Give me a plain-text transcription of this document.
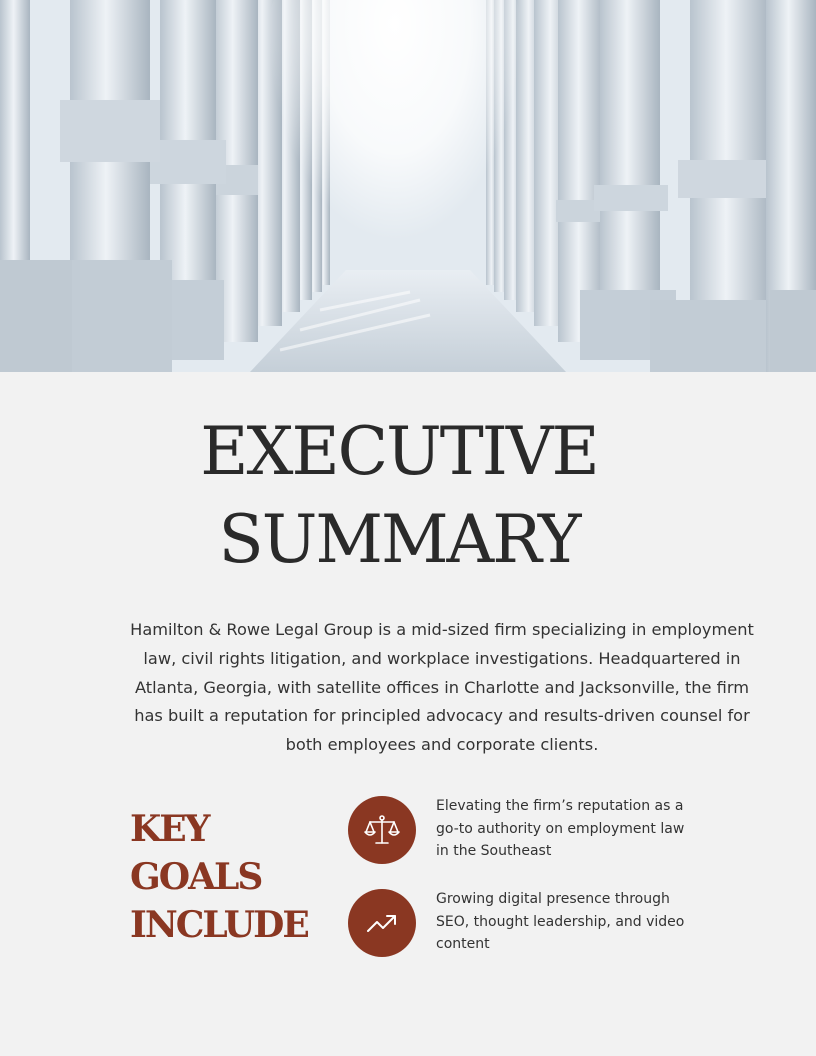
EXECUTIVE
SUMMARY

Hamilton & Rowe Legal Group is a mid-sized firm specializing in employment law, civil rights litigation, and workplace investigations. Headquartered in Atlanta, Georgia, with satellite offices in Charlotte and Jacksonville, the firm has built a reputation for principled advocacy and results-driven counsel for both employees and corporate clients.

KEY
GOALS
INCLUDE

Elevating the firm’s reputation as a go-to authority on employment law in the Southeast

Growing digital presence through SEO, thought leadership, and video content
